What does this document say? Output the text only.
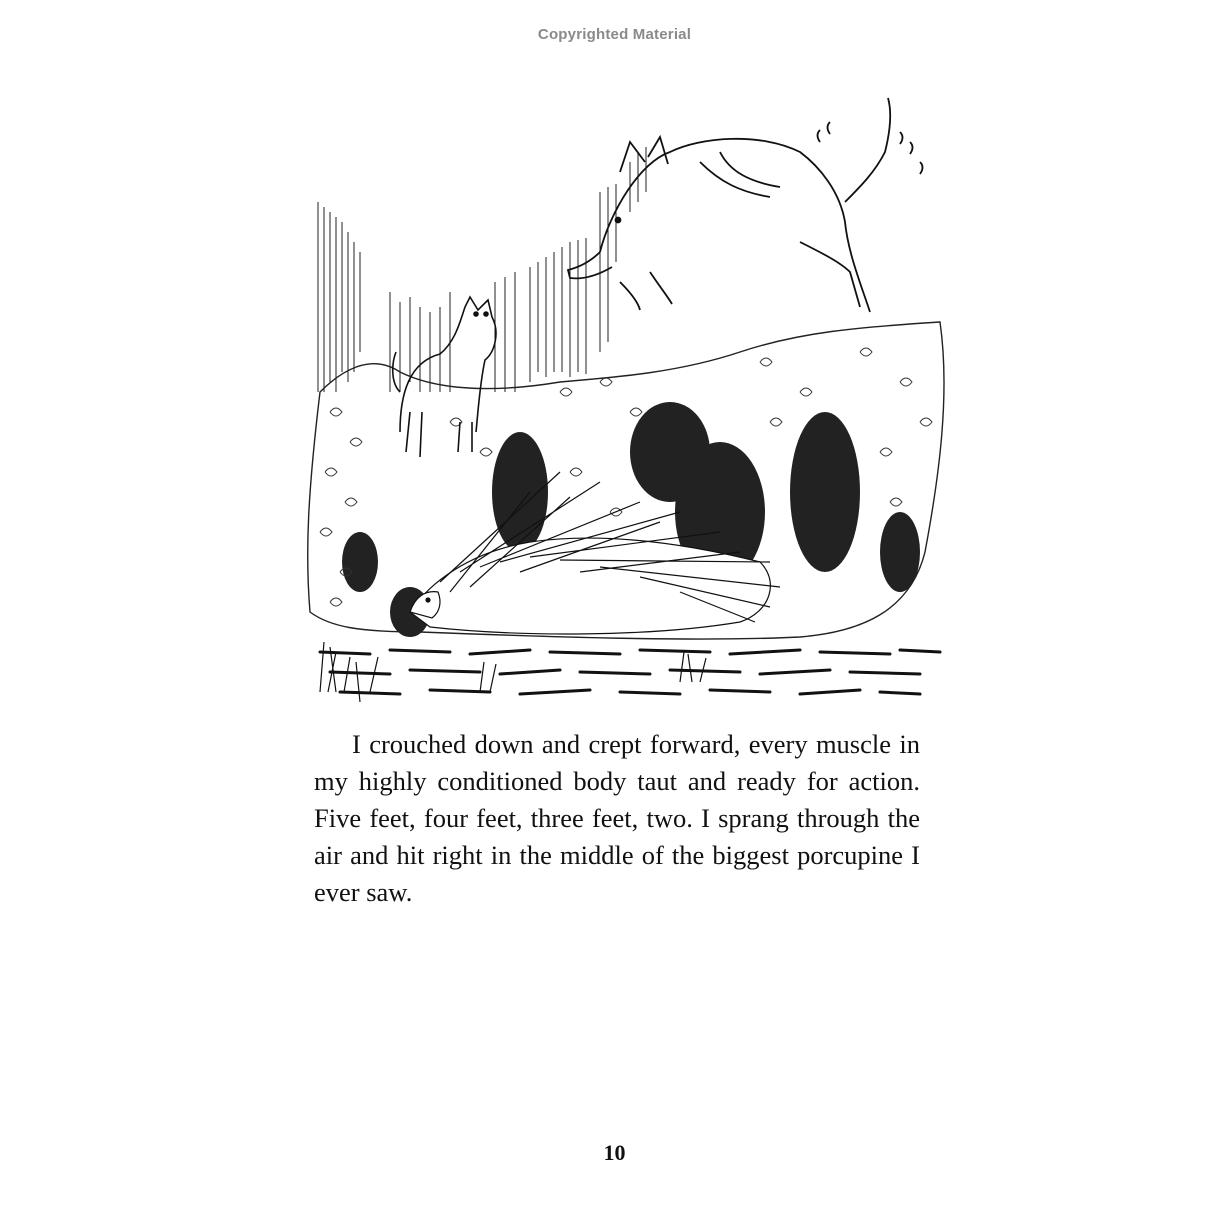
Copyrighted Material

I crouched down and crept forward, every muscle in my highly conditioned body taut and ready for action. Five feet, four feet, three feet, two. I sprang through the air and hit right in the middle of the biggest porcupine I ever saw.

10
